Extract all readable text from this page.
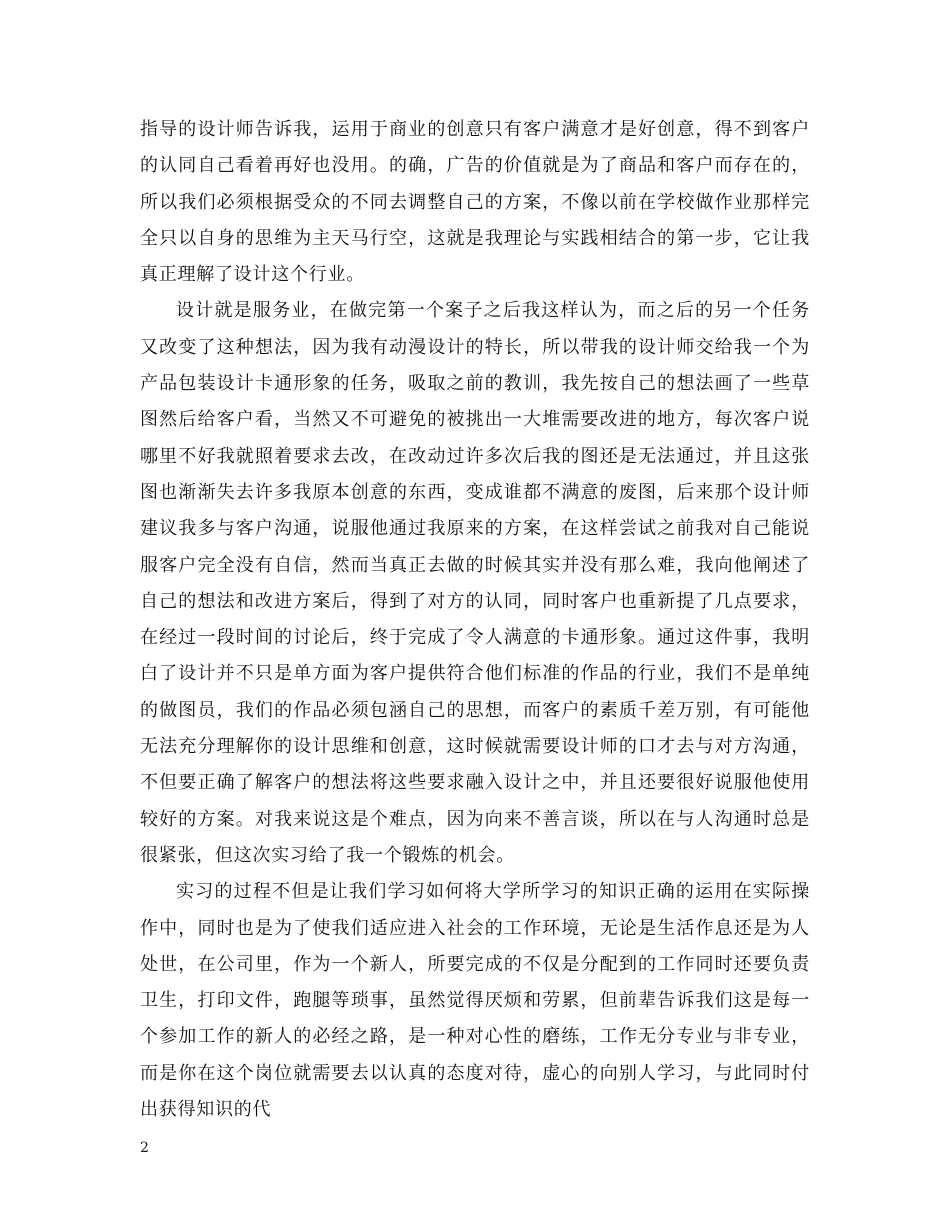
指导的设计师告诉我，运用于商业的创意只有客户满意才是好创意，得不到客户的认同自己看着再好也没用。的确，广告的价值就是为了商品和客户而存在的，所以我们必须根据受众的不同去调整自己的方案，不像以前在学校做作业那样完全只以自身的思维为主天马行空，这就是我理论与实践相结合的第一步，它让我真正理解了设计这个行业。

设计就是服务业，在做完第一个案子之后我这样认为，而之后的另一个任务又改变了这种想法，因为我有动漫设计的特长，所以带我的设计师交给我一个为产品包装设计卡通形象的任务，吸取之前的教训，我先按自己的想法画了一些草图然后给客户看，当然又不可避免的被挑出一大堆需要改进的地方，每次客户说哪里不好我就照着要求去改，在改动过许多次后我的图还是无法通过，并且这张图也渐渐失去许多我原本创意的东西，变成谁都不满意的废图，后来那个设计师建议我多与客户沟通，说服他通过我原来的方案，在这样尝试之前我对自己能说服客户完全没有自信，然而当真正去做的时候其实并没有那么难，我向他阐述了自己的想法和改进方案后，得到了对方的认同，同时客户也重新提了几点要求，在经过一段时间的讨论后，终于完成了令人满意的卡通形象。通过这件事，我明白了设计并不只是单方面为客户提供符合他们标准的作品的行业，我们不是单纯的做图员，我们的作品必须包涵自己的思想，而客户的素质千差万别，有可能他无法充分理解你的设计思维和创意，这时候就需要设计师的口才去与对方沟通，不但要正确了解客户的想法将这些要求融入设计之中，并且还要很好说服他使用较好的方案。对我来说这是个难点，因为向来不善言谈，所以在与人沟通时总是很紧张，但这次实习给了我一个锻炼的机会。

实习的过程不但是让我们学习如何将大学所学习的知识正确的运用在实际操作中，同时也是为了使我们适应进入社会的工作环境，无论是生活作息还是为人处世，在公司里，作为一个新人，所要完成的不仅是分配到的工作同时还要负责卫生，打印文件，跑腿等琐事，虽然觉得厌烦和劳累，但前辈告诉我们这是每一个参加工作的新人的必经之路，是一种对心性的磨练，工作无分专业与非专业，而是你在这个岗位就需要去以认真的态度对待，虚心的向别人学习，与此同时付出获得知识的代

2
